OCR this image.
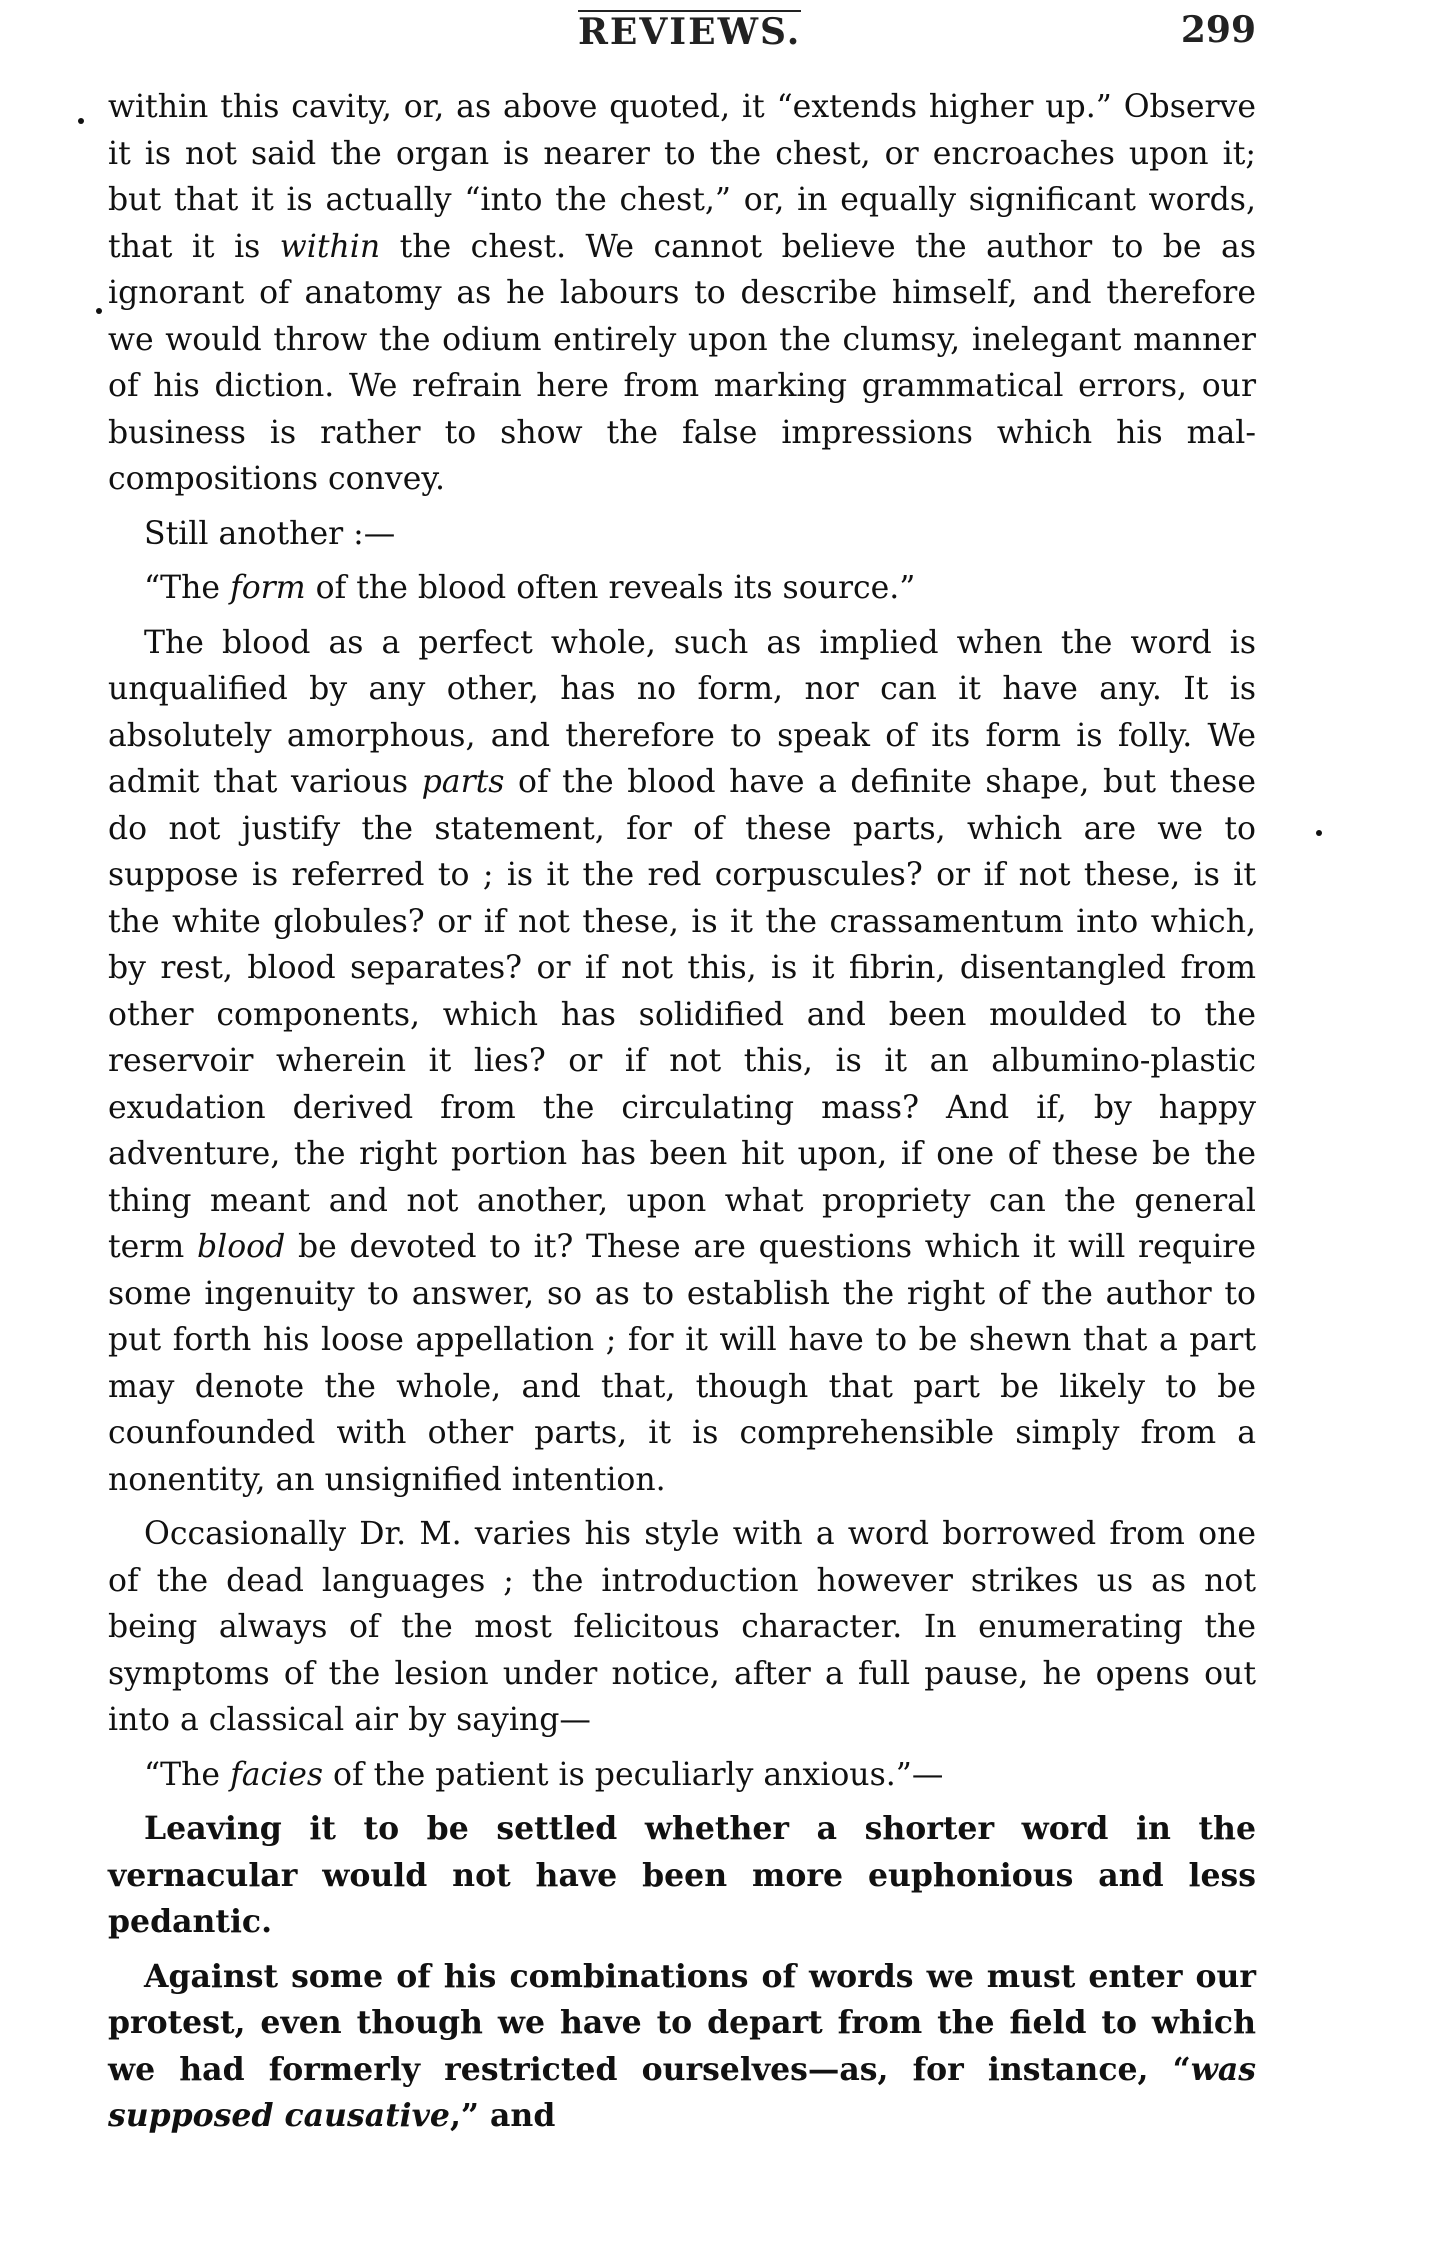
REVIEWS.	299

within this cavity, or, as above quoted, it “extends higher up.” Observe it is not said the organ is nearer to the chest, or encroaches upon it; but that it is actually “into the chest,” or, in equally significant words, that it is within the chest. We cannot believe the author to be as ignorant of anatomy as he labours to describe himself, and therefore we would throw the odium entirely upon the clumsy, inelegant manner of his diction. We refrain here from marking grammatical errors, our business is rather to show the false impressions which his mal-compositions convey.

Still another :—

“The form of the blood often reveals its source.”

The blood as a perfect whole, such as implied when the word is unqualified by any other, has no form, nor can it have any. It is absolutely amorphous, and therefore to speak of its form is folly. We admit that various parts of the blood have a definite shape, but these do not justify the statement, for of these parts, which are we to suppose is referred to ; is it the red corpuscules? or if not these, is it the white globules? or if not these, is it the crassamentum into which, by rest, blood separates? or if not this, is it fibrin, disentangled from other components, which has solidified and been moulded to the reservoir wherein it lies? or if not this, is it an albumino-plastic exudation derived from the circulating mass? And if, by happy adventure, the right portion has been hit upon, if one of these be the thing meant and not another, upon what propriety can the general term blood be devoted to it? These are questions which it will require some ingenuity to answer, so as to establish the right of the author to put forth his loose appellation ; for it will have to be shewn that a part may denote the whole, and that, though that part be likely to be counfounded with other parts, it is comprehensible simply from a nonentity, an unsignified intention.

Occasionally Dr. M. varies his style with a word borrowed from one of the dead languages ; the introduction however strikes us as not being always of the most felicitous character. In enumerating the symptoms of the lesion under notice, after a full pause, he opens out into a classical air by saying—

“The facies of the patient is peculiarly anxious.”—

Leaving it to be settled whether a shorter word in the vernacular would not have been more euphonious and less pedantic.

Against some of his combinations of words we must enter our protest, even though we have to depart from the field to which we had formerly restricted ourselves—as, for instance, “was supposed causative,” and
